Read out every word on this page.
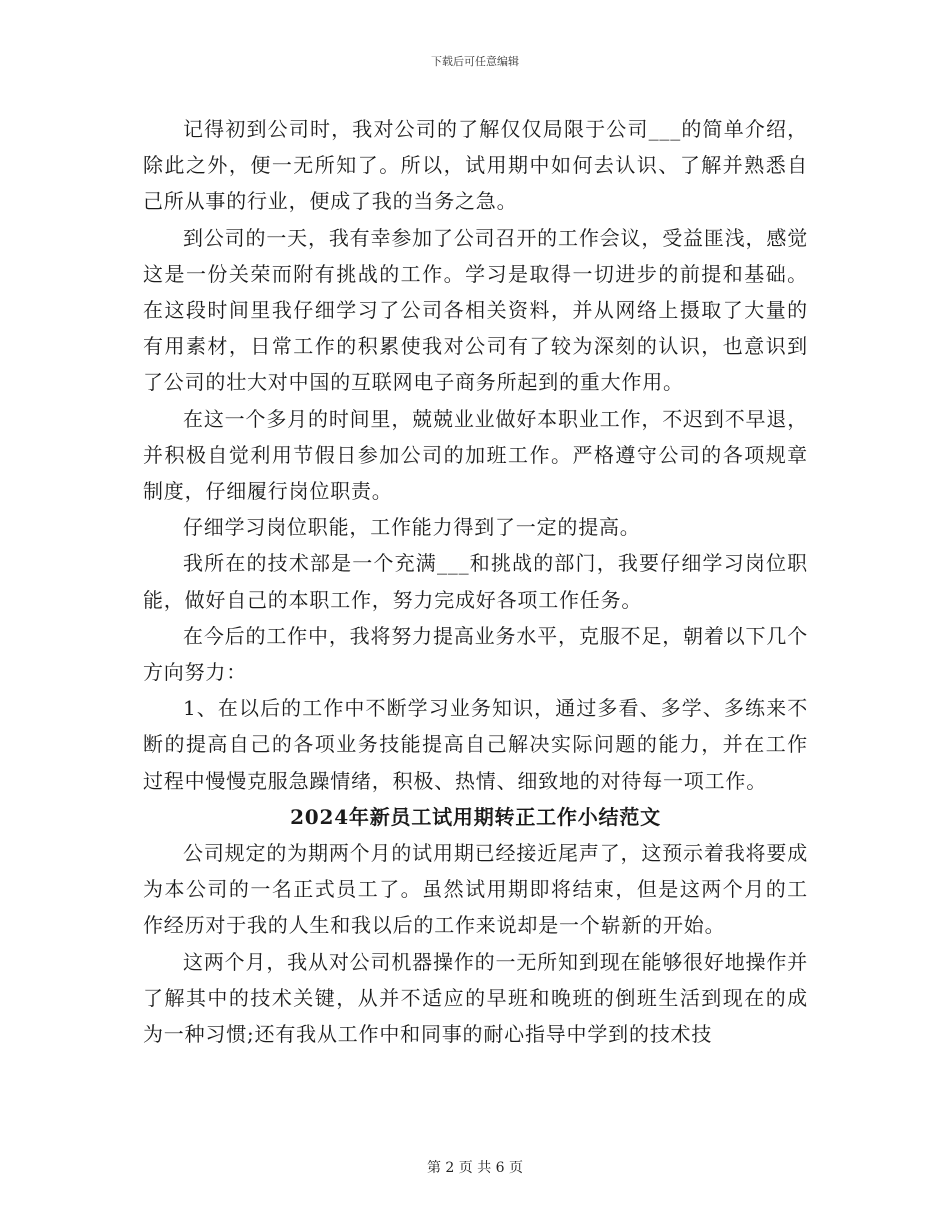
下载后可任意编辑

记得初到公司时，我对公司的了解仅仅局限于公司___的简单介绍，除此之外，便一无所知了。所以，试用期中如何去认识、了解并熟悉自己所从事的行业，便成了我的当务之急。

到公司的一天，我有幸参加了公司召开的工作会议，受益匪浅，感觉这是一份关荣而附有挑战的工作。学习是取得一切进步的前提和基础。在这段时间里我仔细学习了公司各相关资料，并从网络上摄取了大量的有用素材，日常工作的积累使我对公司有了较为深刻的认识，也意识到了公司的壮大对中国的互联网电子商务所起到的重大作用。

在这一个多月的时间里，兢兢业业做好本职业工作，不迟到不早退，并积极自觉利用节假日参加公司的加班工作。严格遵守公司的各项规章制度，仔细履行岗位职责。

仔细学习岗位职能，工作能力得到了一定的提高。

我所在的技术部是一个充满___和挑战的部门，我要仔细学习岗位职能，做好自己的本职工作，努力完成好各项工作任务。

在今后的工作中，我将努力提高业务水平，克服不足，朝着以下几个方向努力：

1、在以后的工作中不断学习业务知识，通过多看、多学、多练来不断的提高自己的各项业务技能提高自己解决实际问题的能力，并在工作过程中慢慢克服急躁情绪，积极、热情、细致地的对待每一项工作。

2024年新员工试用期转正工作小结范文

公司规定的为期两个月的试用期已经接近尾声了，这预示着我将要成为本公司的一名正式员工了。虽然试用期即将结束，但是这两个月的工作经历对于我的人生和我以后的工作来说却是一个崭新的开始。

这两个月，我从对公司机器操作的一无所知到现在能够很好地操作并了解其中的技术关键，从并不适应的早班和晚班的倒班生活到现在的成为一种习惯;还有我从工作中和同事的耐心指导中学到的技术技

第 2 页 共 6 页
